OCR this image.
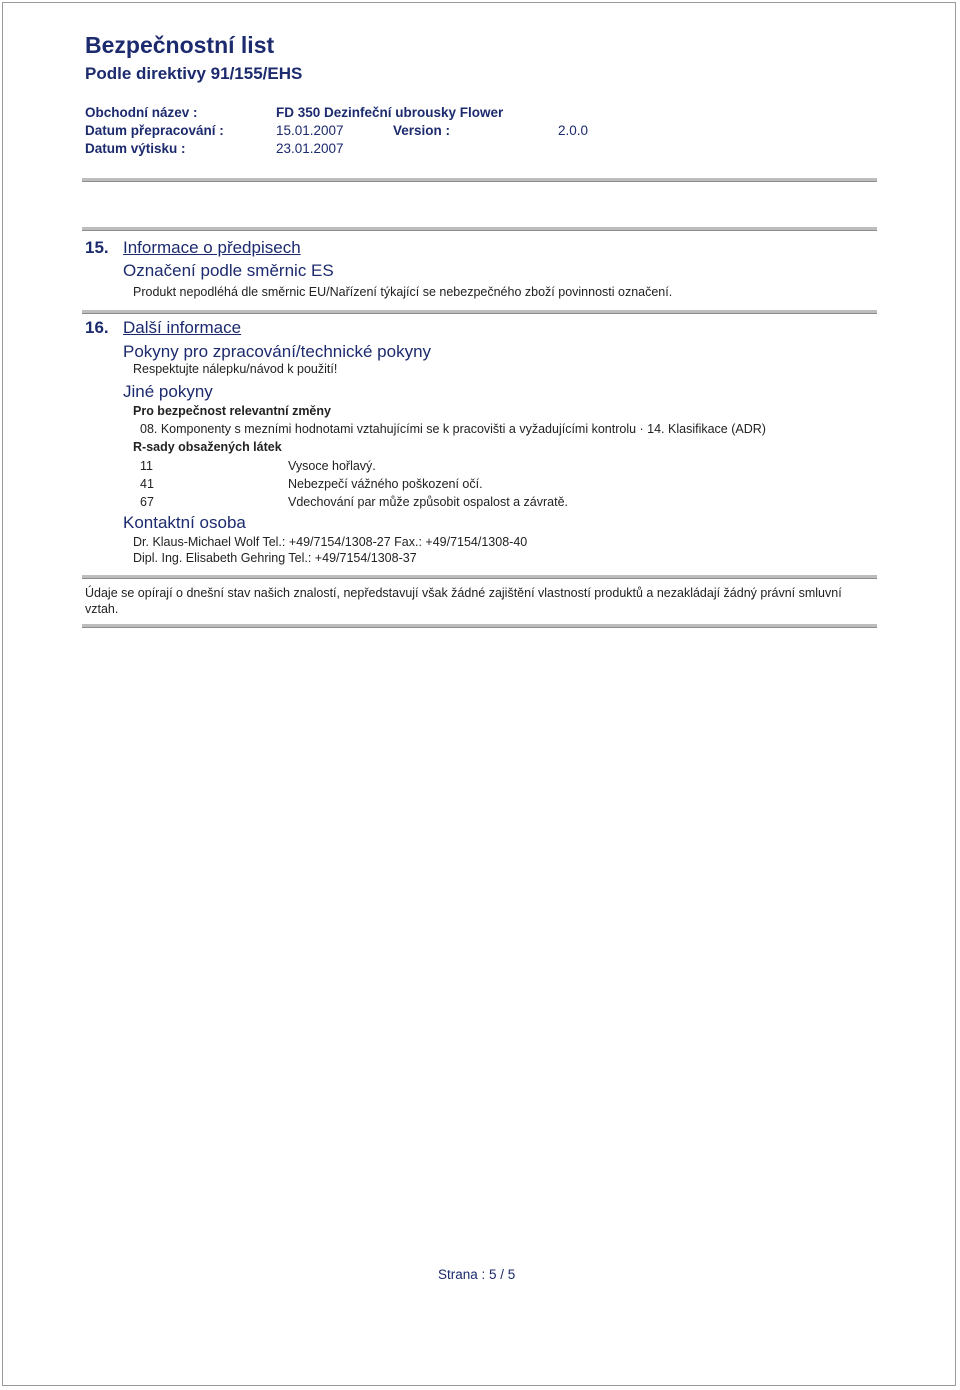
Bezpečnostní list
Podle direktivy 91/155/EHS
Obchodní název :	FD 350 Dezinfeční ubrousky Flower
Datum přepracování :	15.01.2007	Version :	2.0.0
Datum výtisku :	23.01.2007
15. Informace o předpisech
Označení podle směrnic ES
Produkt nepodléhá dle směrnic EU/Nařízení týkající se nebezpečného zboží povinnosti označení.
16. Další informace
Pokyny pro zpracování/technické pokyny
Respektujte nálepku/návod k použití!
Jiné pokyny
Pro bezpečnost relevantní změny
08. Komponenty s mezními hodnotami vztahujícími se k pracovišti a vyžadujícími kontrolu · 14. Klasifikace (ADR)
R-sady obsažených látek
11	Vysoce hořlavý.
41	Nebezpečí vážného poškození očí.
67	Vdechování par může způsobit ospalost a závratě.
Kontaktní osoba
Dr. Klaus-Michael Wolf Tel.: +49/7154/1308-27 Fax.: +49/7154/1308-40
Dipl. Ing. Elisabeth Gehring Tel.: +49/7154/1308-37
Údaje se opírají o dnešní stav našich znalostí, nepředstavují však žádné zajištění vlastností produktů a nezakládají žádný právní smluvní vztah.
Strana : 5 / 5
